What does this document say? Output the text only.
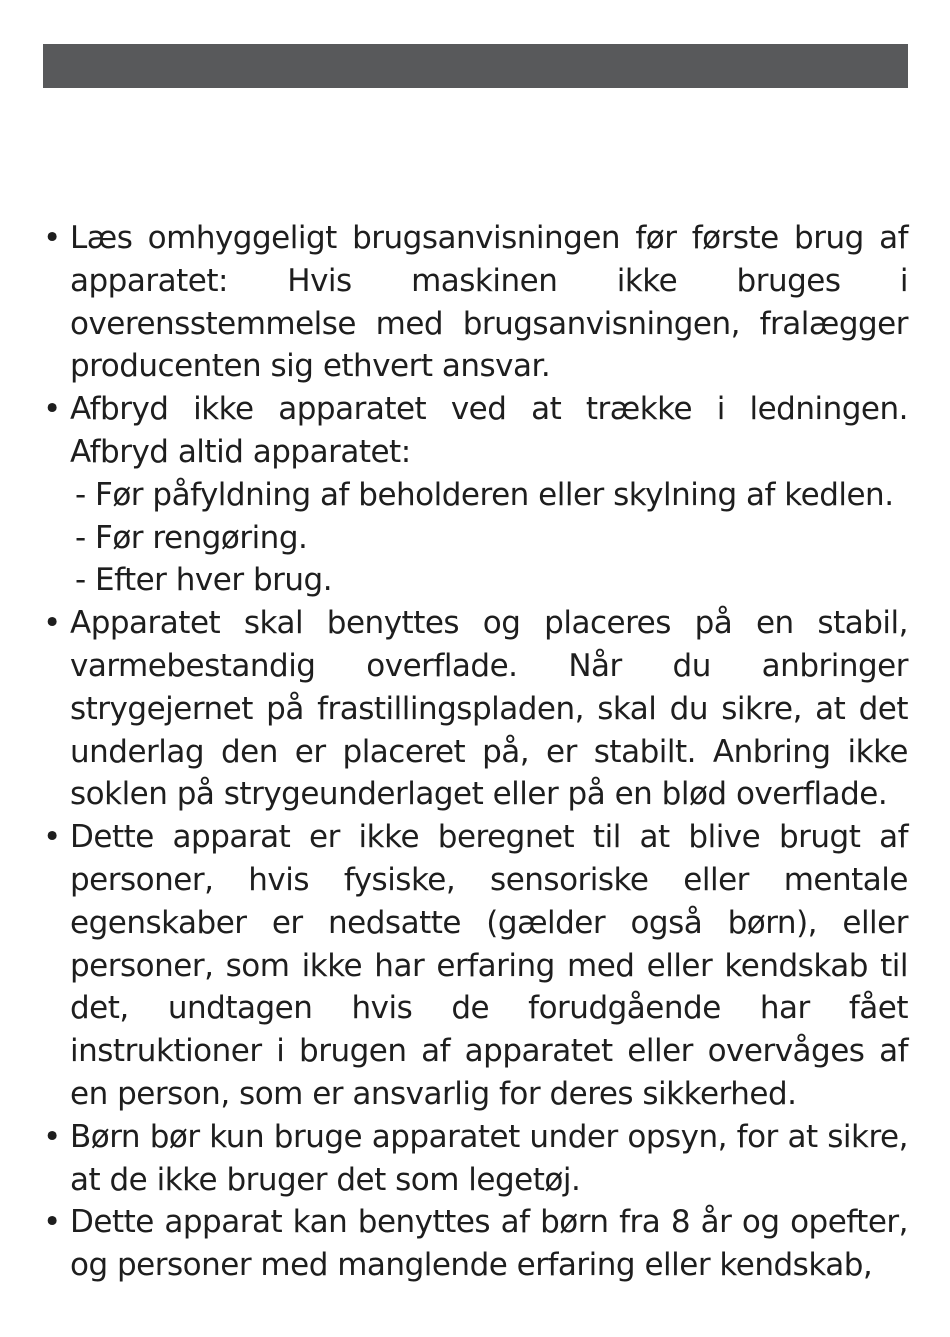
• Læs omhyggeligt brugsanvisningen før første brug af apparatet: Hvis maskinen ikke bruges i overensstemmelse med brugsanvisningen, fralægger producenten sig ethvert ansvar.
• Afbryd ikke apparatet ved at trække i ledningen. Afbryd altid apparatet:
- Før påfyldning af beholderen eller skylning af kedlen.
- Før rengøring.
- Efter hver brug.
• Apparatet skal benyttes og placeres på en stabil, varmebestandig overflade. Når du anbringer strygejernet på frastillingspladen, skal du sikre, at det underlag den er placeret på, er stabilt. Anbring ikke soklen på strygeunderlaget eller på en blød overflade.
• Dette apparat er ikke beregnet til at blive brugt af personer, hvis fysiske, sensoriske eller mentale egenskaber er nedsatte (gælder også børn), eller personer, som ikke har erfaring med eller kendskab til det, undtagen hvis de forudgående har fået instruktioner i brugen af apparatet eller overvåges af en person, som er ansvarlig for deres sikkerhed.
• Børn bør kun bruge apparatet under opsyn, for at sikre, at de ikke bruger det som legetøj.
• Dette apparat kan benyttes af børn fra 8 år og opefter, og personer med manglende erfaring eller kendskab,
